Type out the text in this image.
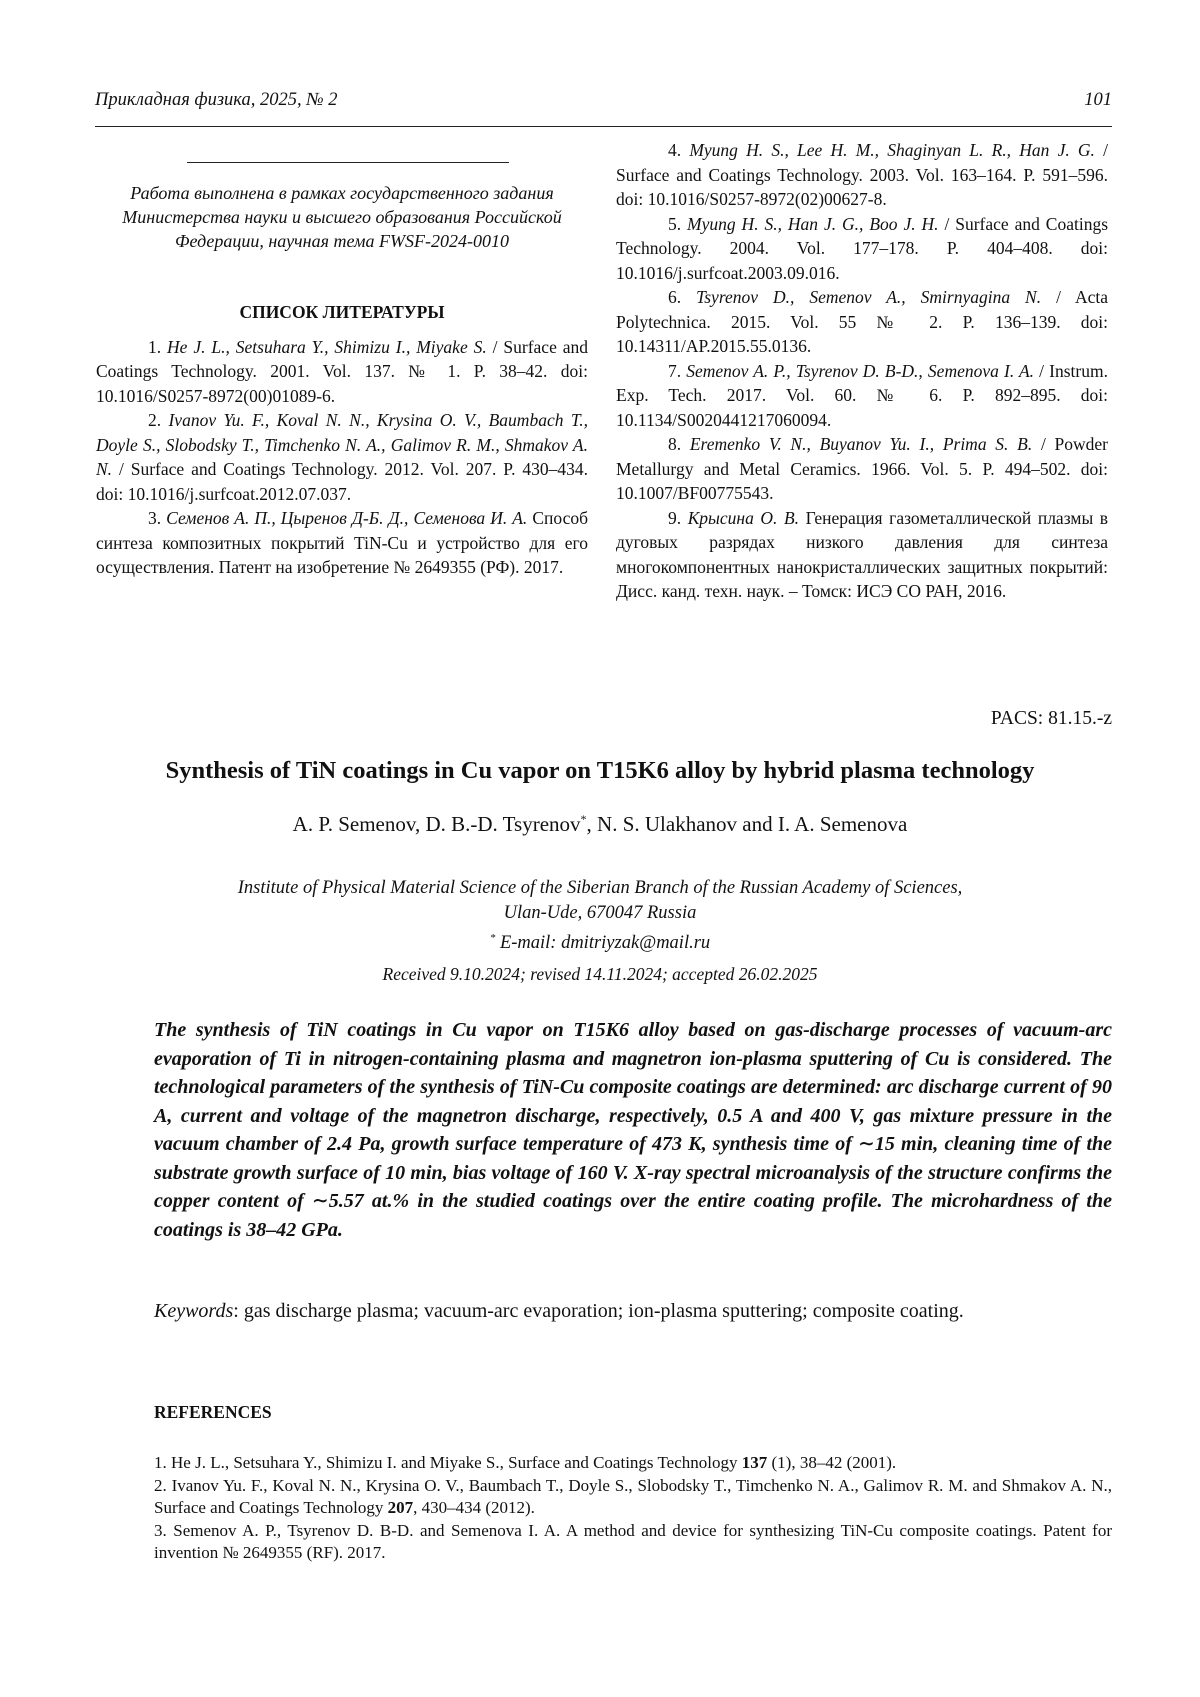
Прикладная физика, 2025, № 2	101
Работа выполнена в рамках государственного задания Министерства науки и высшего образования Российской Федерации, научная тема FWSF-2024-0010
СПИСОК ЛИТЕРАТУРЫ

1. He J. L., Setsuhara Y., Shimizu I., Miyake S. / Surface and Coatings Technology. 2001. Vol. 137. № 1. P. 38–42. doi: 10.1016/S0257-8972(00)01089-6.

2. Ivanov Yu. F., Koval N. N., Krysina O. V., Baumbach T., Doyle S., Slobodsky T., Timchenko N. A., Galimov R. M., Shmakov A. N. / Surface and Coatings Technology. 2012. Vol. 207. P. 430–434. doi: 10.1016/j.surfcoat.2012.07.037.

3. Семенов А. П., Цыренов Д-Б. Д., Семенова И. А. Способ синтеза композитных покрытий TiN-Cu и устройство для его осуществления. Патент на изобретение № 2649355 (РФ). 2017.

4. Myung H. S., Lee H. M., Shaginyan L. R., Han J. G. / Surface and Coatings Technology. 2003. Vol. 163–164. P. 591–596. doi: 10.1016/S0257-8972(02)00627-8.

5. Myung H. S., Han J. G., Boo J. H. / Surface and Coatings Technology. 2004. Vol. 177–178. P. 404–408. doi: 10.1016/j.surfcoat.2003.09.016.

6. Tsyrenov D., Semenov A., Smirnyagina N. / Acta Polytechnica. 2015. Vol. 55 № 2. P. 136–139. doi: 10.14311/AP.2015.55.0136.

7. Semenov A. P., Tsyrenov D. B-D., Semenova I. A. / Instrum. Exp. Tech. 2017. Vol. 60. № 6. P. 892–895. doi: 10.1134/S0020441217060094.

8. Eremenko V. N., Buyanov Yu. I., Prima S. B. / Powder Metallurgy and Metal Ceramics. 1966. Vol. 5. P. 494–502. doi: 10.1007/BF00775543.

9. Крысина О. В. Генерация газометаллической плазмы в дуговых разрядах низкого давления для синтеза многокомпонентных нанокристаллических защитных покрытий: Дисс. канд. техн. наук. – Томск: ИСЭ СО РАН, 2016.

PACS: 81.15.-z
Synthesis of TiN coatings in Cu vapor on T15K6 alloy by hybrid plasma technology
A. P. Semenov, D. B.-D. Tsyrenov*, N. S. Ulakhanov and I. A. Semenova
Institute of Physical Material Science of the Siberian Branch of the Russian Academy of Sciences,
Ulan-Ude, 670047 Russia
* E-mail: dmitriyzak@mail.ru
Received 9.10.2024; revised 14.11.2024; accepted 26.02.2025
The synthesis of TiN coatings in Cu vapor on T15K6 alloy based on gas-discharge processes of vacuum-arc evaporation of Ti in nitrogen-containing plasma and magnetron ion-plasma sputtering of Cu is considered. The technological parameters of the synthesis of TiN-Cu composite coatings are determined: arc discharge current of 90 A, current and voltage of the magnetron discharge, respectively, 0.5 A and 400 V, gas mixture pressure in the vacuum chamber of 2.4 Pa, growth surface temperature of 473 K, synthesis time of ∼15 min, cleaning time of the substrate growth surface of 10 min, bias voltage of 160 V. X-ray spectral microanalysis of the structure confirms the copper content of ∼5.57 at.% in the studied coatings over the entire coating profile. The microhardness of the coatings is 38–42 GPa.
Keywords: gas discharge plasma; vacuum-arc evaporation; ion-plasma sputtering; composite coating.
REFERENCES

1. He J. L., Setsuhara Y., Shimizu I. and Miyake S., Surface and Coatings Technology 137 (1), 38–42 (2001).

2. Ivanov Yu. F., Koval N. N., Krysina O. V., Baumbach T., Doyle S., Slobodsky T., Timchenko N. A., Galimov R. M. and Shmakov A. N., Surface and Coatings Technology 207, 430–434 (2012).

3. Semenov A. P., Tsyrenov D. B-D. and Semenova I. A. A method and device for synthesizing TiN-Cu composite coatings. Patent for invention № 2649355 (RF). 2017.
